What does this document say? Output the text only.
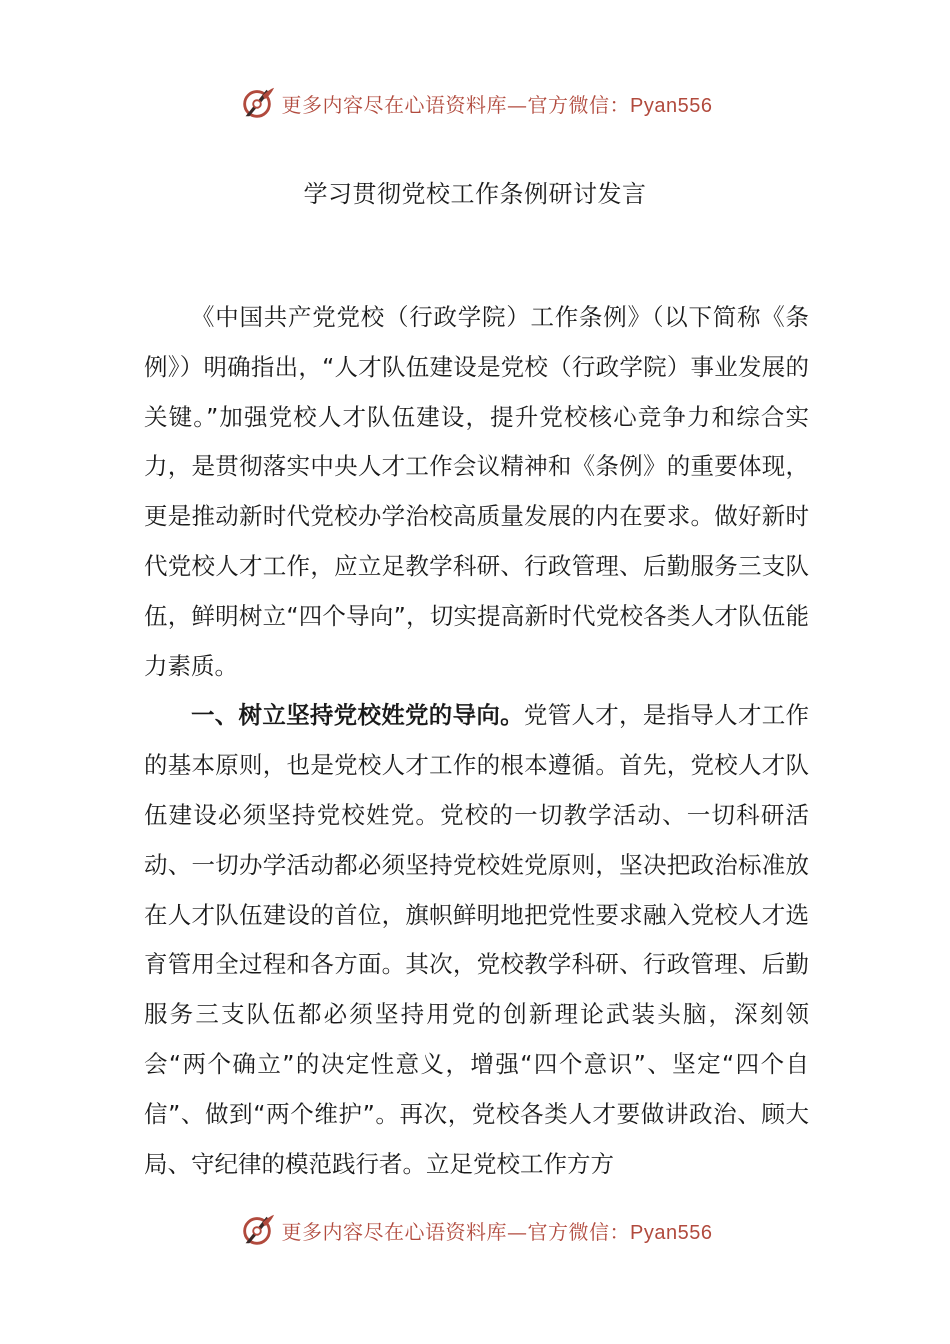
更多内容尽在心语资料库—官方微信：Pyan556
学习贯彻党校工作条例研讨发言

《中国共产党党校（行政学院）工作条例》（以下简称《条例》）明确指出，“人才队伍建设是党校（行政学院）事业发展的关键。”加强党校人才队伍建设，提升党校核心竞争力和综合实力，是贯彻落实中央人才工作会议精神和《条例》的重要体现，更是推动新时代党校办学治校高质量发展的内在要求。做好新时代党校人才工作，应立足教学科研、行政管理、后勤服务三支队伍，鲜明树立“四个导向”，切实提高新时代党校各类人才队伍能力素质。

一、树立坚持党校姓党的导向。党管人才，是指导人才工作的基本原则，也是党校人才工作的根本遵循。首先，党校人才队伍建设必须坚持党校姓党。党校的一切教学活动、一切科研活动、一切办学活动都必须坚持党校姓党原则，坚决把政治标准放在人才队伍建设的首位，旗帜鲜明地把党性要求融入党校人才选育管用全过程和各方面。其次，党校教学科研、行政管理、后勤服务三支队伍都必须坚持用党的创新理论武装头脑，深刻领会“两个确立”的决定性意义，增强“四个意识”、坚定“四个自信”、做到“两个维护”。再次，党校各类人才要做讲政治、顾大局、守纪律的模范践行者。立足党校工作方方

更多内容尽在心语资料库—官方微信：Pyan556
